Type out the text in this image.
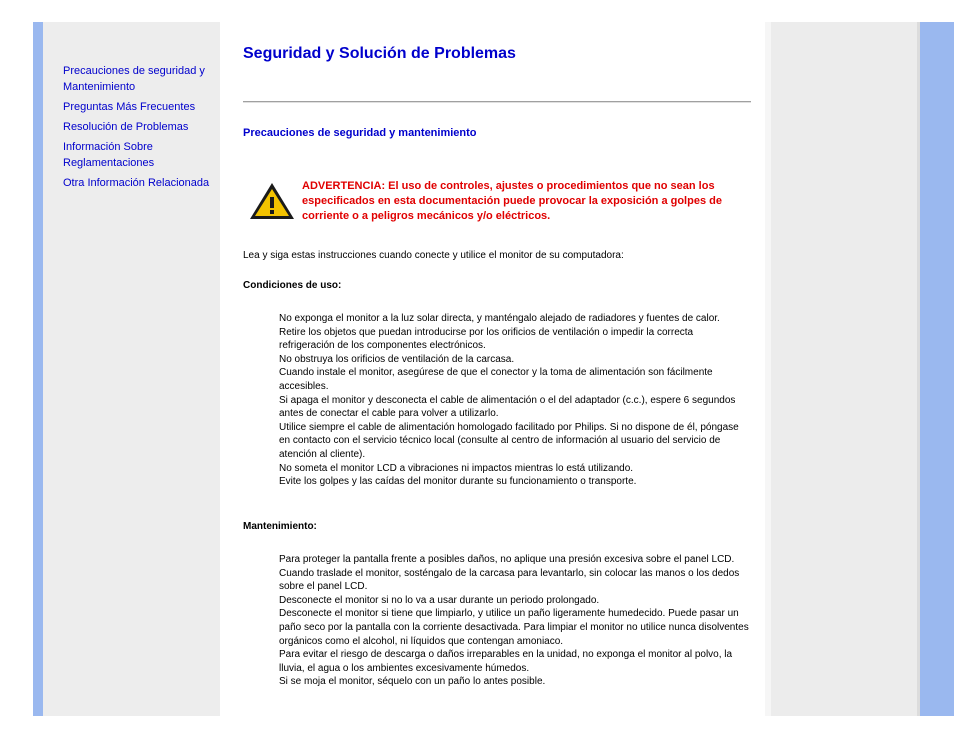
Precauciones de seguridad y Mantenimiento
Preguntas Más Frecuentes
Resolución de Problemas
Información Sobre Reglamentaciones
Otra Información Relacionada
Seguridad y Solución de Problemas
Precauciones de seguridad y mantenimiento
ADVERTENCIA: El uso de controles, ajustes o procedimientos que no sean los especificados en esta documentación puede provocar la exposición a golpes de corriente o a peligros mecánicos y/o eléctricos.
Lea y siga estas instrucciones cuando conecte y utilice el monitor de su computadora:
Condiciones de uso:
No exponga el monitor a la luz solar directa, y manténgalo alejado de radiadores y fuentes de calor.
Retire los objetos que puedan introducirse por los orificios de ventilación o impedir la correcta refrigeración de los componentes electrónicos.
No obstruya los orificios de ventilación de la carcasa.
Cuando instale el monitor, asegúrese de que el conector y la toma de alimentación son fácilmente accesibles.
Si apaga el monitor y desconecta el cable de alimentación o el del adaptador (c.c.), espere 6 segundos antes de conectar el cable para volver a utilizarlo.
Utilice siempre el cable de alimentación homologado facilitado por Philips. Si no dispone de él, póngase en contacto con el servicio técnico local (consulte al centro de información al usuario del servicio de atención al cliente).
No someta el monitor LCD a vibraciones ni impactos mientras lo está utilizando.
Evite los golpes y las caídas del monitor durante su funcionamiento o transporte.
Mantenimiento:
Para proteger la pantalla frente a posibles daños, no aplique una presión excesiva sobre el panel LCD. Cuando traslade el monitor, sosténgalo de la carcasa para levantarlo, sin colocar las manos o los dedos sobre el panel LCD.
Desconecte el monitor si no lo va a usar durante un periodo prolongado.
Desconecte el monitor si tiene que limpiarlo, y utilice un paño ligeramente humedecido. Puede pasar un paño seco por la pantalla con la corriente desactivada. Para limpiar el monitor no utilice nunca disolventes orgánicos como el alcohol, ni líquidos que contengan amoniaco.
Para evitar el riesgo de descarga o daños irreparables en la unidad, no exponga el monitor al polvo, la lluvia, el agua o los ambientes excesivamente húmedos.
Si se moja el monitor, séquelo con un paño lo antes posible.
